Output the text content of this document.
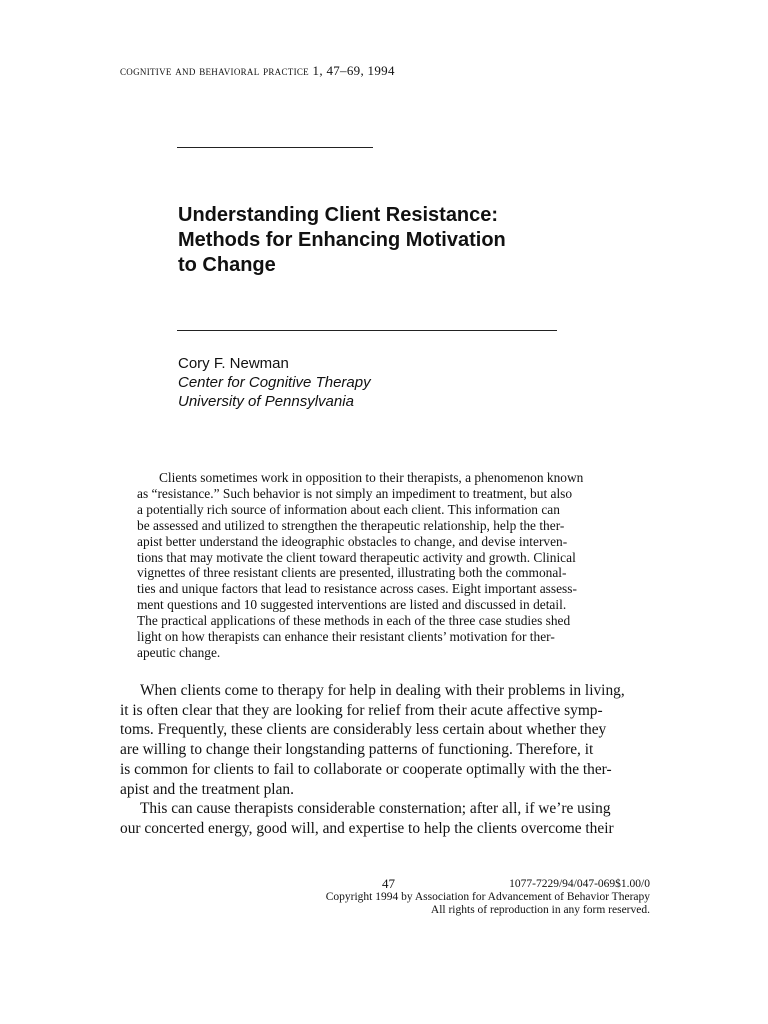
cognitive and behavioral practice 1, 47–69, 1994
Understanding Client Resistance:
Methods for Enhancing Motivation
to Change
Cory F. Newman
Center for Cognitive Therapy
University of Pennsylvania
Clients sometimes work in opposition to their therapists, a phenomenon known
as “resistance.” Such behavior is not simply an impediment to treatment, but also
a potentially rich source of information about each client. This information can
be assessed and utilized to strengthen the therapeutic relationship, help the ther-
apist better understand the ideographic obstacles to change, and devise interven-
tions that may motivate the client toward therapeutic activity and growth. Clinical
vignettes of three resistant clients are presented, illustrating both the commonal-
ties and unique factors that lead to resistance across cases. Eight important assess-
ment questions and 10 suggested interventions are listed and discussed in detail.
The practical applications of these methods in each of the three case studies shed
light on how therapists can enhance their resistant clients’ motivation for ther-
apeutic change.
When clients come to therapy for help in dealing with their problems in living,
it is often clear that they are looking for relief from their acute affective symp-
toms. Frequently, these clients are considerably less certain about whether they
are willing to change their longstanding patterns of functioning. Therefore, it
is common for clients to fail to collaborate or cooperate optimally with the ther-
apist and the treatment plan.
This can cause therapists considerable consternation; after all, if we’re using
our concerted energy, good will, and expertise to help the clients overcome their
47	1077-7229/94/047-069$1.00/0
Copyright 1994 by Association for Advancement of Behavior Therapy
All rights of reproduction in any form reserved.
